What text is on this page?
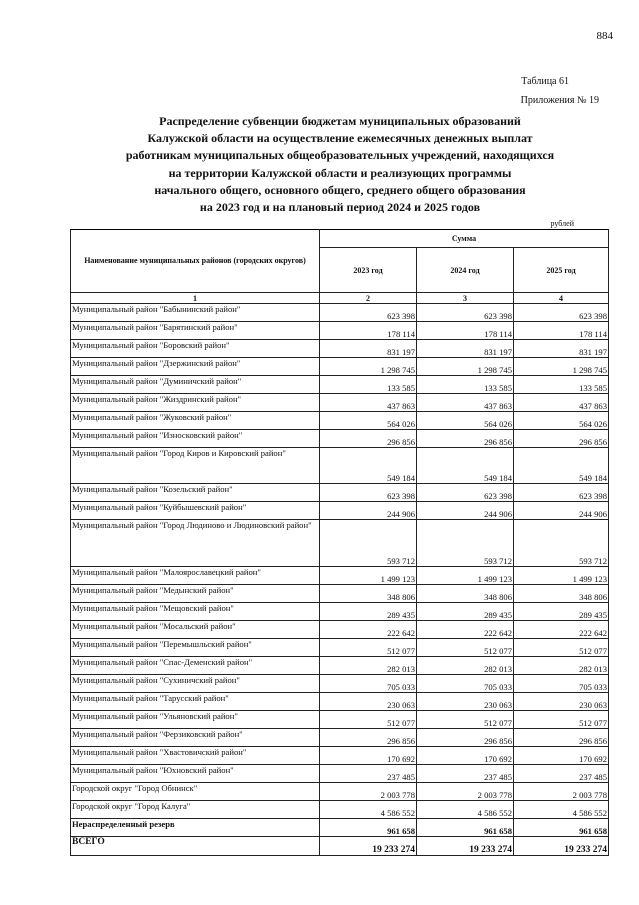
884
Таблица 61
Приложения № 19
Распределение субвенции бюджетам муниципальных образований
Калужской области на осуществление ежемесячных денежных выплат
работникам муниципальных общеобразовательных учреждений, находящихся
на территории Калужской области и реализующих программы
начального общего, основного общего, среднего общего образования
на 2023 год и на плановый период 2024 и 2025 годов
рублей
Наименование муниципальных районов (городских округов)	Сумма		
	2023 год	2024 год	2025 год
1	2	3	4
Муниципальный район "Бабынинский район"	623 398	623 398	623 398
Муниципальный район "Барятинский район"	178 114	178 114	178 114
Муниципальный район "Боровский район"	831 197	831 197	831 197
Муниципальный район "Дзержинский район"	1 298 745	1 298 745	1 298 745
Муниципальный район "Думиничский район"	133 585	133 585	133 585
Муниципальный район "Жиздринский район"	437 863	437 863	437 863
Муниципальный район "Жуковский район"	564 026	564 026	564 026
Муниципальный район "Износковский район"	296 856	296 856	296 856
Муниципальный район "Город Киров и Кировский район"	549 184	549 184	549 184
Муниципальный район "Козельский район"	623 398	623 398	623 398
Муниципальный район "Куйбышевский район"	244 906	244 906	244 906
Муниципальный район "Город Людиново и Людиновский район"	593 712	593 712	593 712
Муниципальный район "Малоярославецкий район"	1 499 123	1 499 123	1 499 123
Муниципальный район "Медынский район"	348 806	348 806	348 806
Муниципальный район "Мещовский район"	289 435	289 435	289 435
Муниципальный район "Мосальский район"	222 642	222 642	222 642
Муниципальный район "Перемышльский район"	512 077	512 077	512 077
Муниципальный район "Спас-Деменский район"	282 013	282 013	282 013
Муниципальный район "Сухиничский район"	705 033	705 033	705 033
Муниципальный район "Тарусский район"	230 063	230 063	230 063
Муниципальный район "Ульяновский район"	512 077	512 077	512 077
Муниципальный район "Ферзиковский район"	296 856	296 856	296 856
Муниципальный район "Хвастовичский район"	170 692	170 692	170 692
Муниципальный район "Юхновский район"	237 485	237 485	237 485
Городской округ "Город Обнинск"	2 003 778	2 003 778	2 003 778
Городской округ "Город Калуга"	4 586 552	4 586 552	4 586 552
Нераспределенный резерв	961 658	961 658	961 658
ВСЕГО	19 233 274	19 233 274	19 233 274
